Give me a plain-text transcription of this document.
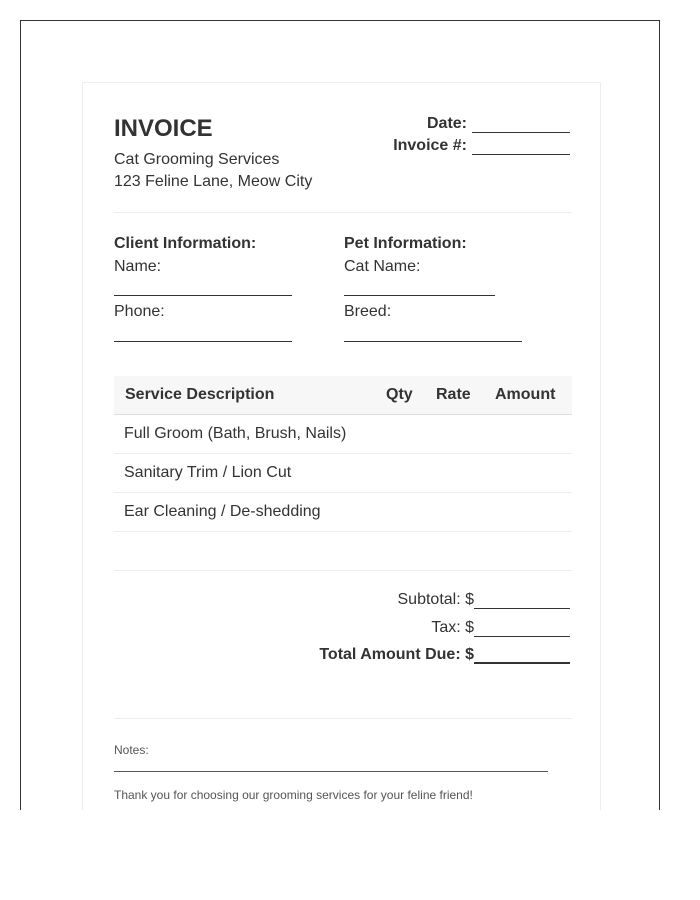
INVOICE
Cat Grooming Services
123 Feline Lane, Meow City
Date:
Invoice #:
Client Information:
Name:
Phone:
Pet Information:
Cat Name:
Breed:
Service Description	Qty Rate Amount
Full Groom (Bath, Brush, Nails)
Sanitary Trim / Lion Cut
Ear Cleaning / De-shedding
Subtotal: $
Tax: $
Total Amount Due: $
Notes:
Thank you for choosing our grooming services for your feline friend!
